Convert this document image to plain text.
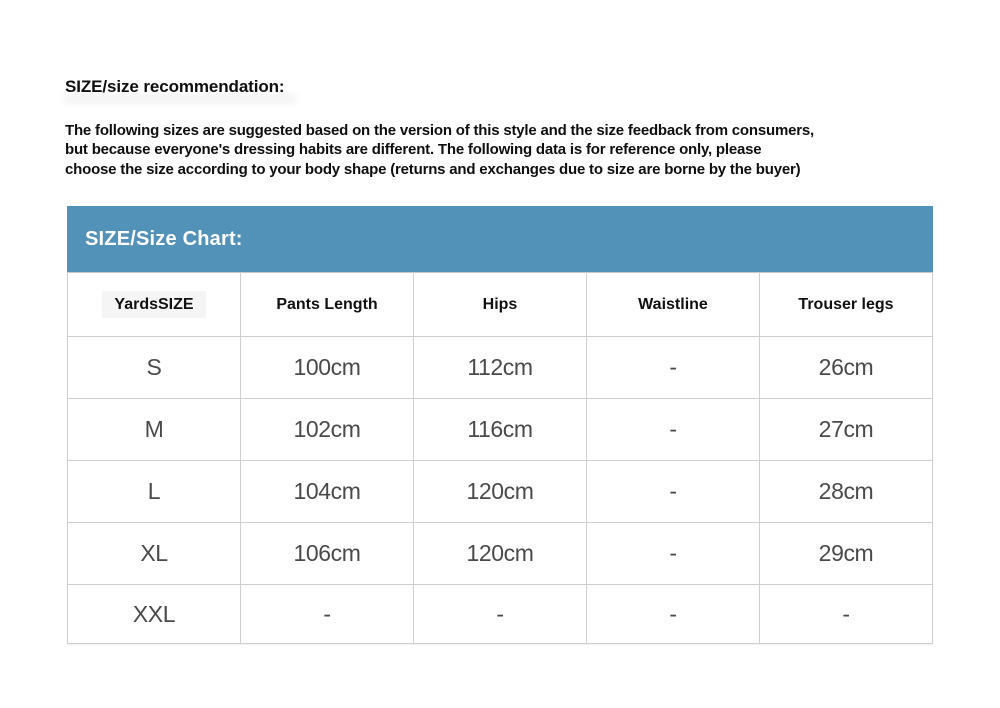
SIZE/size recommendation:
The following sizes are suggested based on the version of this style and the size feedback from consumers,
but because everyone's dressing habits are different. The following data is for reference only, please
choose the size according to your body shape (returns and exchanges due to size are borne by the buyer)
SIZE/Size Chart:
YardsSIZE	Pants Length	Hips	Waistline	Trouser legs
S	100cm	112cm	-	26cm
M	102cm	116cm	-	27cm
L	104cm	120cm	-	28cm
XL	106cm	120cm	-	29cm
XXL	-	-	-	-
